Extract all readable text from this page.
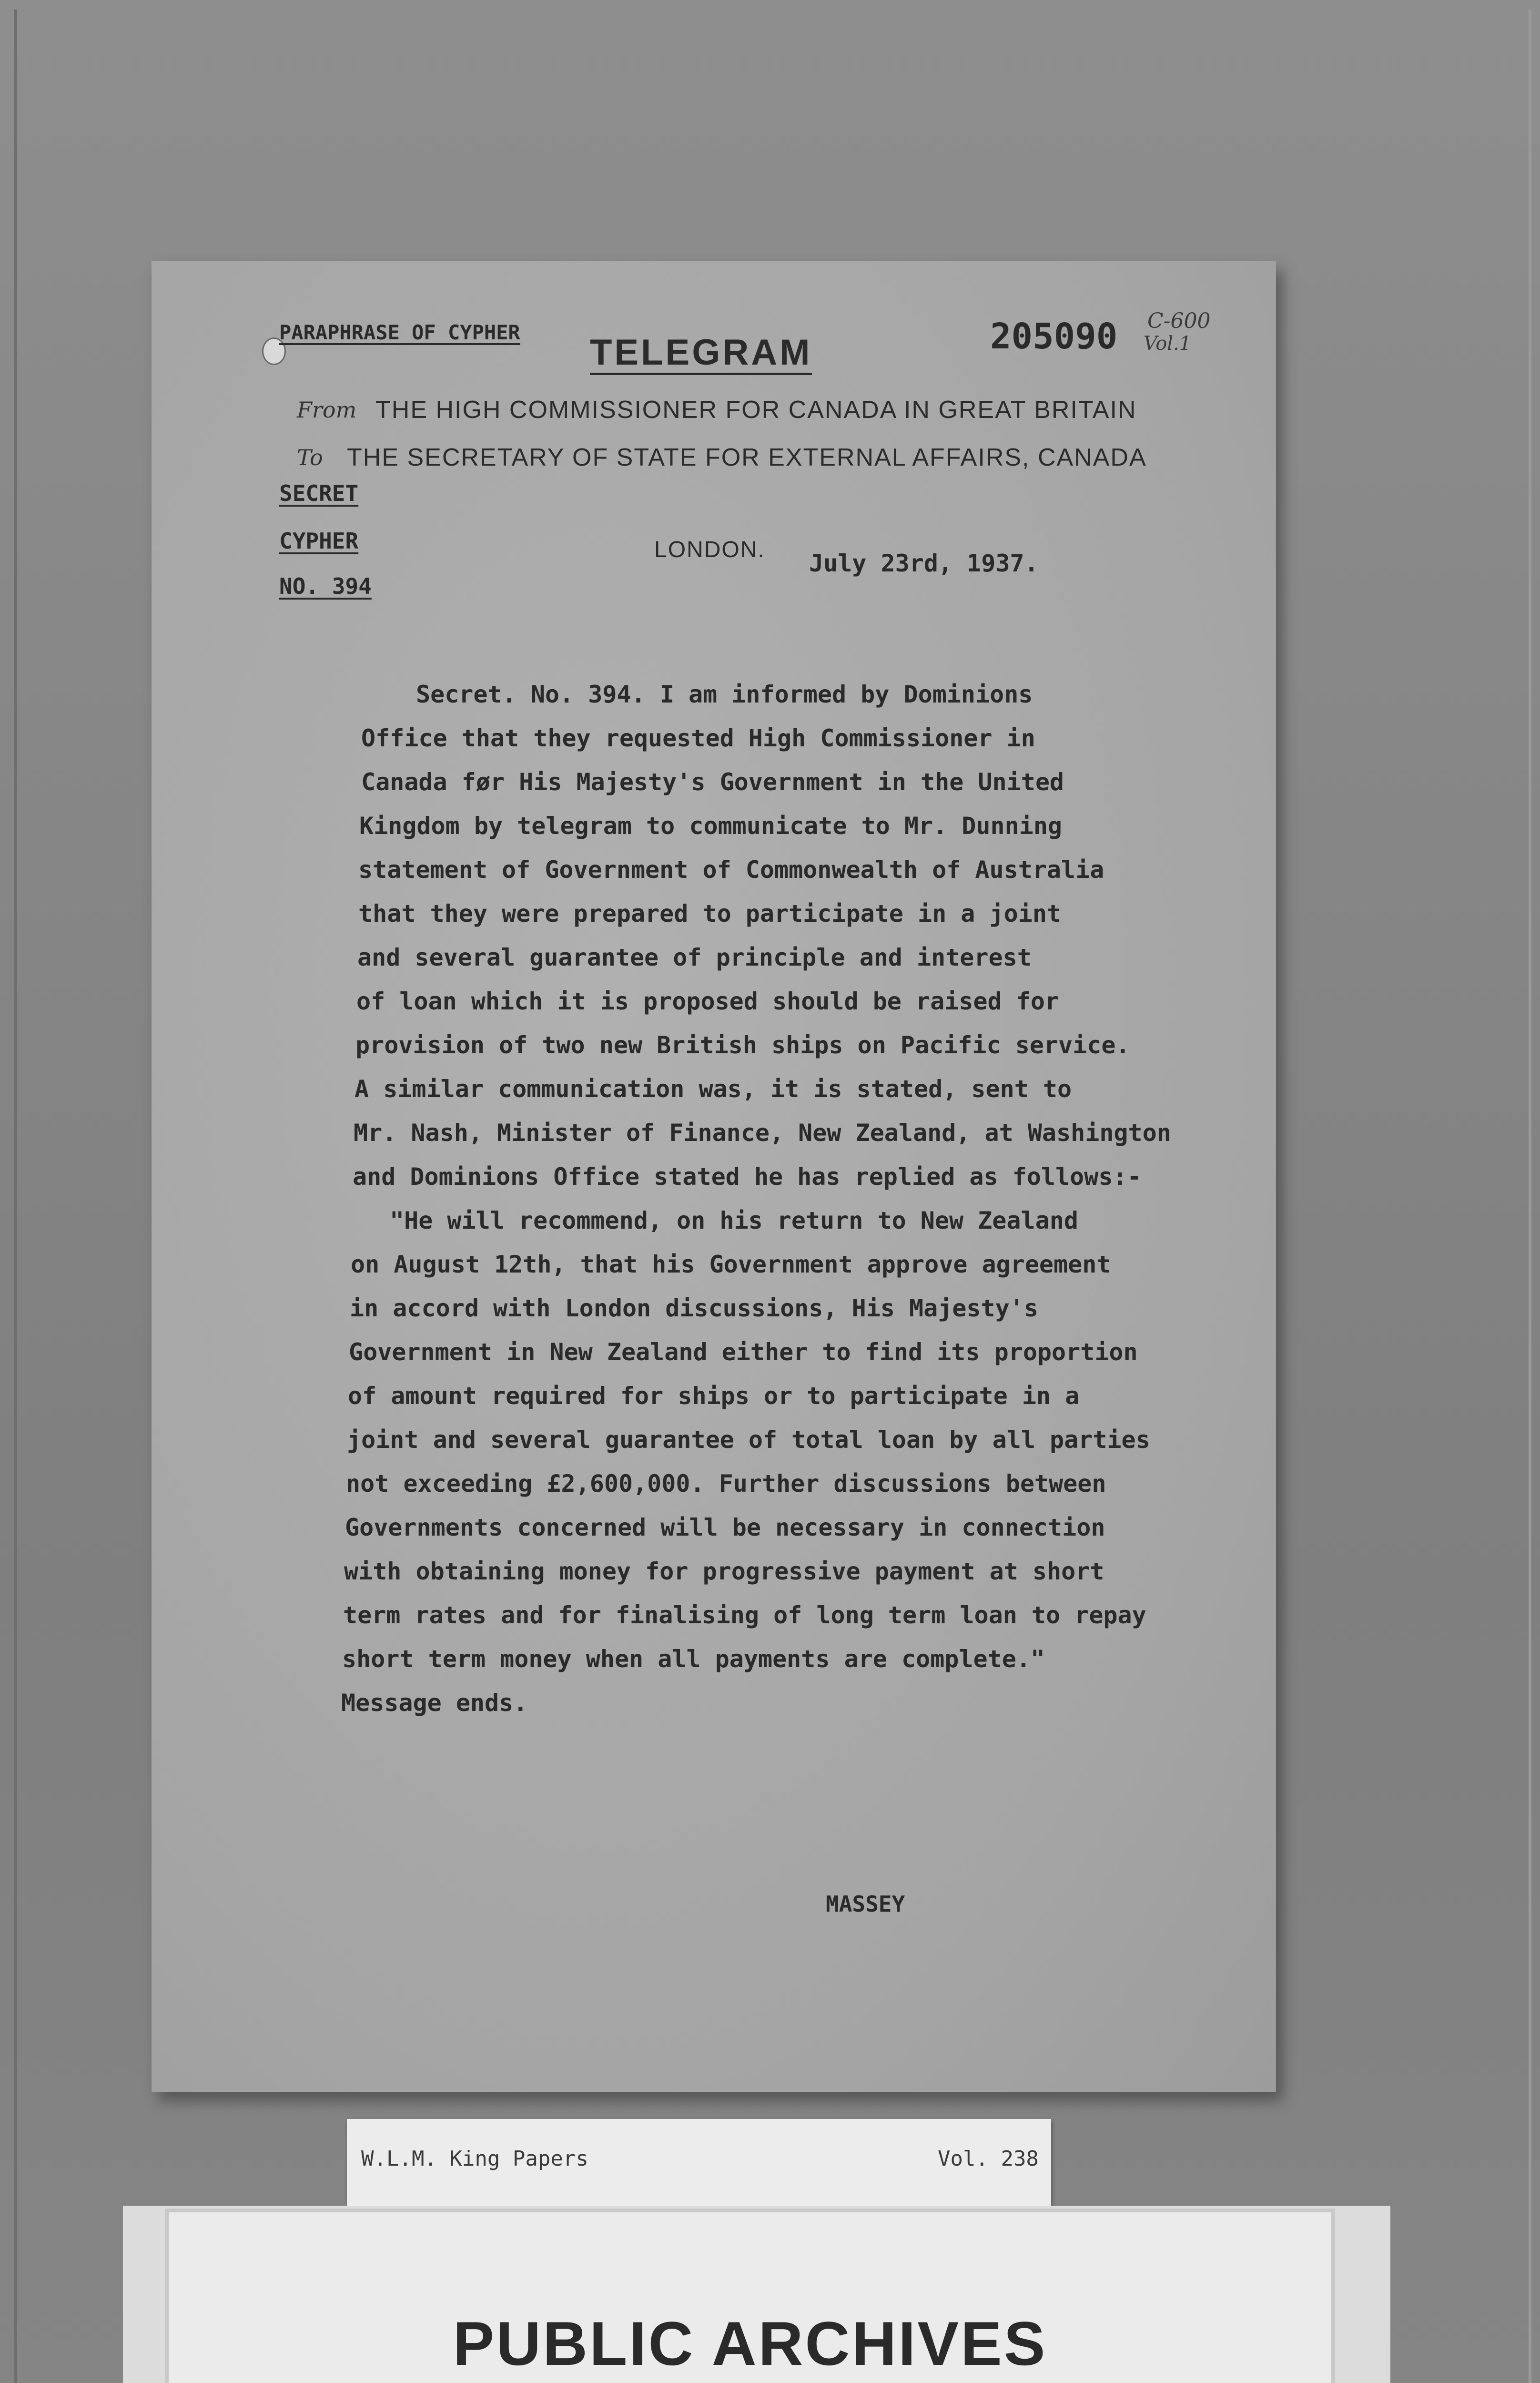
PARAPHRASE OF CYPHER TELEGRAM	205090 C-600
Vol.1
From THE HIGH COMMISSIONER FOR CANADA IN GREAT BRITAIN
To THE SECRETARY OF STATE FOR EXTERNAL AFFAIRS, CANADA
SECRET
CYPHER
NO. 394
LONDON. July 23rd, 1937.
Secret. No. 394. I am informed by Dominions
Office that they requested High Commissioner in
Canada før His Majesty's Government in the United
Kingdom by telegram to communicate to Mr. Dunning
statement of Government of Commonwealth of Australia
that they were prepared to participate in a joint
and several guarantee of principle and interest
of loan which it is proposed should be raised for
provision of two new British ships on Pacific service.
A similar communication was, it is stated, sent to
Mr. Nash, Minister of Finance, New Zealand, at Washington
and Dominions Office stated he has replied as follows:-
"He will recommend, on his return to New Zealand
on August 12th, that his Government approve agreement
in accord with London discussions, His Majesty's
Government in New Zealand either to find its proportion
of amount required for ships or to participate in a
joint and several guarantee of total loan by all parties
not exceeding £2,600,000. Further discussions between
Governments concerned will be necessary in connection
with obtaining money for progressive payment at short
term rates and for finalising of long term loan to repay
short term money when all payments are complete."
Message ends.
MASSEY
W.L.M. King Papers	Vol. 238
PUBLIC ARCHIVES
